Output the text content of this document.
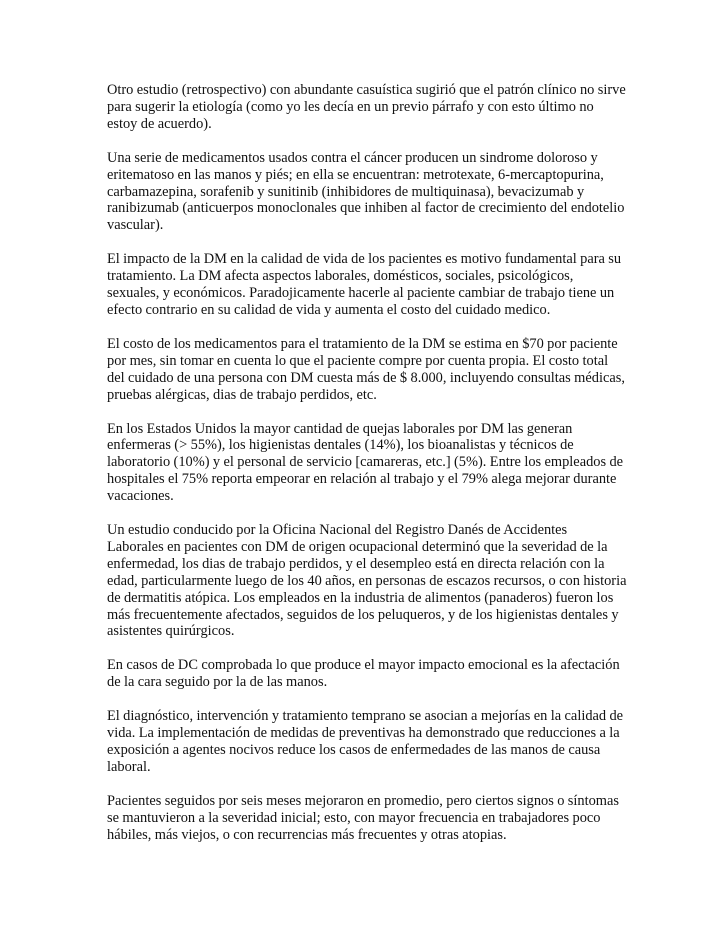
Otro estudio (retrospectivo) con abundante casuística sugirió que el patrón clínico no sirve para sugerir la etiología (como yo les decía en un previo párrafo y con esto último no estoy de acuerdo).

Una serie de medicamentos usados contra el cáncer producen un sindrome doloroso y eritematoso en las manos y piés; en ella se encuentran: metrotexate, 6-mercaptopurina, carbamazepina, sorafenib y sunitinib (inhibidores de multiquinasa), bevacizumab y ranibizumab (anticuerpos monoclonales que inhiben al factor de crecimiento del endotelio vascular).

El impacto de la DM en la calidad de vida de los pacientes es motivo fundamental para su tratamiento. La DM afecta aspectos laborales, domésticos, sociales, psicológicos, sexuales, y económicos. Paradojicamente hacerle al paciente cambiar de trabajo tiene un efecto contrario en su calidad de vida y aumenta el costo del cuidado medico.

El costo de los medicamentos para el tratamiento de la DM se estima en $70 por paciente por mes, sin tomar en cuenta lo que el paciente compre por cuenta propia. El costo total del cuidado de una persona con DM cuesta más de $ 8.000, incluyendo consultas médicas, pruebas alérgicas, dias de trabajo perdidos, etc.

En los Estados Unidos la mayor cantidad de quejas laborales por DM las generan enfermeras (> 55%), los higienistas dentales (14%), los bioanalistas y técnicos de laboratorio (10%) y el personal de servicio [camareras, etc.] (5%). Entre los empleados de hospitales el 75% reporta empeorar en relación al trabajo y el 79% alega mejorar durante vacaciones.

Un estudio conducido por la Oficina Nacional del Registro Danés de Accidentes Laborales en pacientes con DM de origen ocupacional determinó que la severidad de la enfermedad, los dias de trabajo perdidos, y el desempleo está en directa relación con la edad, particularmente luego de los 40 años, en personas de escazos recursos, o con historia de dermatitis atópica. Los empleados en la industria de alimentos (panaderos) fueron los más frecuentemente afectados, seguidos de los peluqueros, y de los higienistas dentales y asistentes quirúrgicos.

En casos de DC comprobada lo que produce el mayor impacto emocional es la afectación de la cara seguido por la de las manos.

El diagnóstico, intervención y tratamiento temprano se asocian a mejorías en la calidad de vida. La implementación de medidas de preventivas ha demonstrado que reducciones a la exposición a agentes nocivos reduce los casos de enfermedades de las manos de causa laboral.

Pacientes seguidos por seis meses mejoraron en promedio, pero ciertos signos o síntomas se mantuvieron a la severidad inicial; esto, con mayor frecuencia en trabajadores poco hábiles, más viejos, o con recurrencias más frecuentes y otras atopias.
